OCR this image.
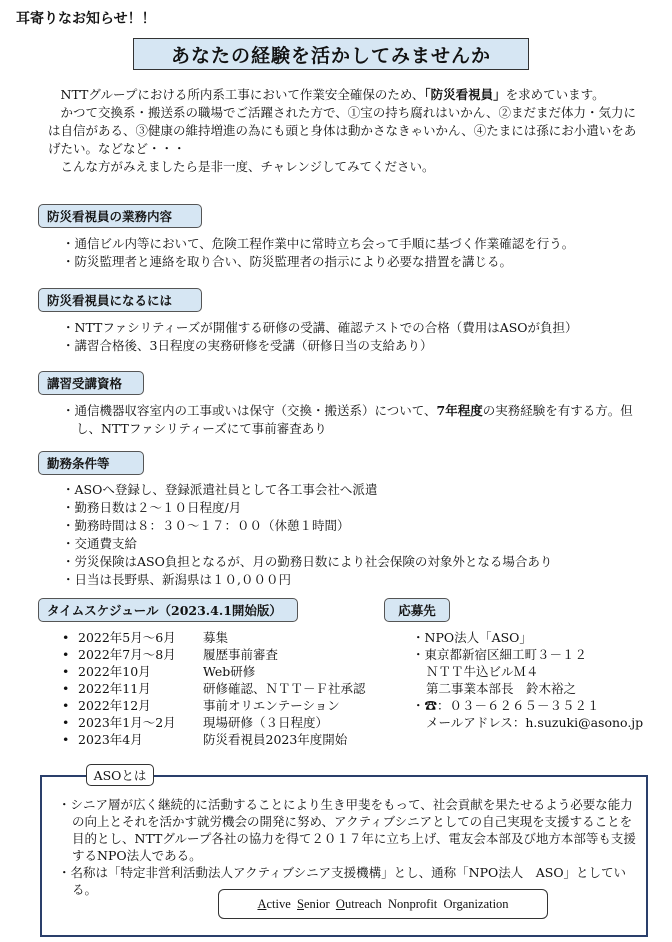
耳寄りなお知らせ！！
あなたの経験を活かしてみませんか

NTTグループにおける所内系工事において作業安全確保のため、「防災看視員」を求めています。

かつて交換系・搬送系の職場でご活躍された方で、①宝の持ち腐れはいかん、②まだまだ体力・気力には自信がある、③健康の維持増進の為にも頭と身体は動かさなきゃいかん、④たまには孫にお小遣いをあげたい。などなど・・・

こんな方がみえましたら是非一度、チャレンジしてみてください。

防災看視員の業務内容
・通信ビル内等において、危険工程作業中に常時立ち会って手順に基づく作業確認を行う。
・防災監理者と連絡を取り合い、防災監理者の指示により必要な措置を講じる。
防災看視員になるには
・NTTファシリティーズが開催する研修の受講、確認テストでの合格（費用はASOが負担）
・講習合格後、3日程度の実務研修を受講（研修日当の支給あり）
講習受講資格
・通信機器収容室内の工事或いは保守（交換・搬送系）について、7年程度の実務経験を有する方。但し、NTTファシリティーズにて事前審査あり
勤務条件等
・ASOへ登録し、登録派遣社員として各工事会社へ派遣
・勤務日数は２～１０日程度/月
・勤務時間は８：３０～１７：００（休憩１時間）
・交通費支給
・労災保険はASO負担となるが、月の勤務日数により社会保険の対象外となる場合あり
・日当は長野県、新潟県は１０,０００円
タイムスケジュール（2023.4.1開始版）
• 2022年5月～6月	募集
• 2022年7月～8月	履歴事前審査
• 2022年10月	Web研修
• 2022年11月	研修確認、ＮＴＴ－Ｆ社承認
• 2022年12月	事前オリエンテーション
• 2023年1月～2月	現場研修（３日程度）
• 2023年4月	防災看視員2023年度開始
応募先
・NPO法人「ASO」
・東京都新宿区細工町３－１２
ＮＴＴ牛込ビルＭ４
第二事業本部長　鈴木裕之
・☎：０３－６２６５－３５２１
メールアドレス：h.suzuki@asono.jp
ASOとは
・シニア層が広く継続的に活動することにより生き甲斐をもって、社会貢献を果たせるよう必要な能力の向上とそれを活かす就労機会の開発に努め、アクティブシニアとしての自己実現を支援することを目的とし、NTTグループ各社の協力を得て２０１７年に立ち上げ、電友会本部及び地方本部等も支援するNPO法人である。
・名称は「特定非営利活動法人アクティブシニア支援機構」とし、通称「NPO法人　ASO」としている。
Active Senior Outreach Nonprofit Organization
